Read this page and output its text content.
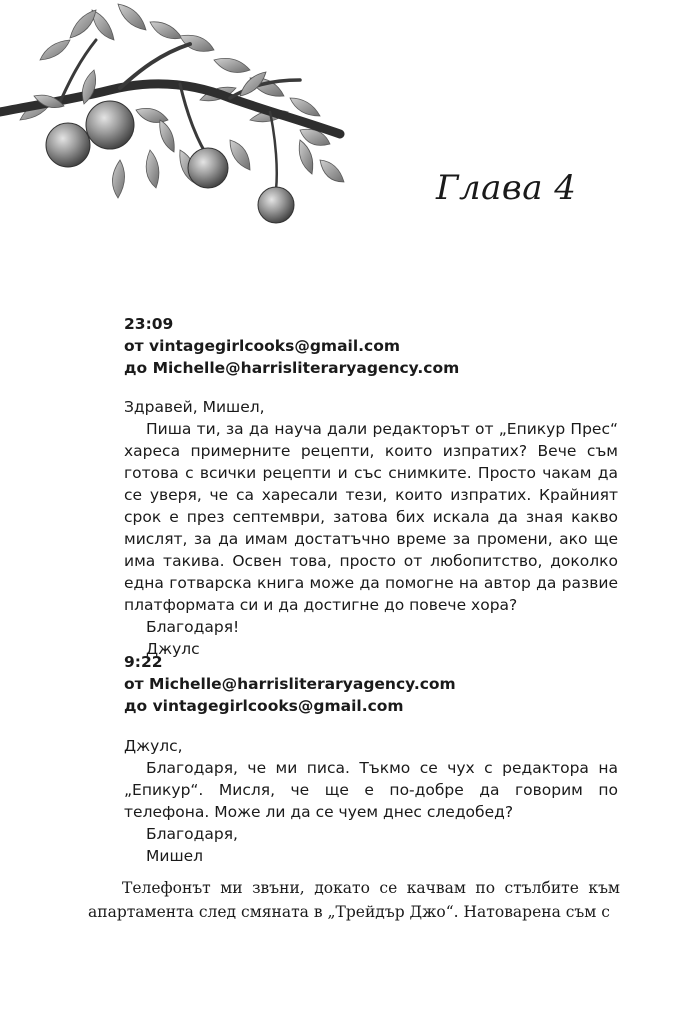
Глава 4
23:09
от vintagegirlcooks@gmail.com
до Michelle@harrisliteraryagency.com

Здравей, Мишел,

Пиша ти, за да науча дали редакторът от „Епикур Прес“ харесa примерните рецепти, които изпратих? Вече съм готова с всички рецепти и със снимките. Просто чакам да се уверя, че са харесали тези, които изпратих. Крайният срок е през септември, затова бих искала да зная какво мислят, за да имам достатъчно време за промени, ако ще има такива. Освен това, просто от любопитство, доколко една готварска книга може да помогне на автор да развие платформата си и да достигне до повече хора?

Благодаря!

Джулс

9:22
от Michelle@harrisliteraryagency.com
до vintagegirlcooks@gmail.com

Джулс,

Благодаря, че ми писа. Тъкмо се чух с редактора на „Епикур“. Мисля, че ще е по-добре да говорим по телефона. Може ли да се чуем днес следобед?

Благодаря,

Мишел

Телефонът ми звъни, докато се качвам по стълбите към апартамента след смяната в „Трейдър Джо“. Натоварена съм с
